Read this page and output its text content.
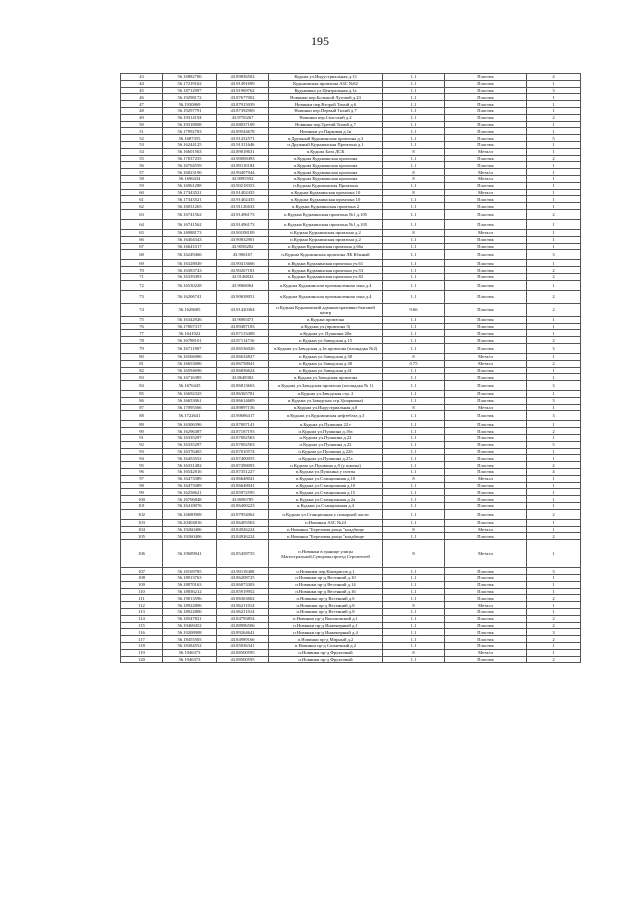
195
43	56.16882706	43.89836502	Кудьма ул.Индустриальная д.13	1.1	Пластик	4
44	56.17219162	43.91491699	Кудьминская промзона АЗС №82	1.1	Пластик	1
45	56.18712997	43.91969762	Кудьминка ул.Центральная д.1а	1.1	Пластик	3
46	56.19298172	43.87677002	Новинки пер.Большой Луговой д.23	1.1	Пластик	1
47	56.1930869	43.87915039	Новинки пер.Второй Тихий д.6	1.1	Пластик	1
48	56.19297791	43.87392969	Новинки пер.Первый Тихий д.7	1.1	Пластик	1
49	56.19314194	43.8750267	Новинки пер.Спасский д.2	1.1	Пластик	2
50	56.19318008	43.88037109	Новинки пер.Третий Тихий д.7	1.1	Пластик	1
51	56.17992783	43.89544678	Новинки ул.Парковая д.1в	1.1	Пластик	1
52	56.1687355	43.91432571	п.Дружный Кудьминская промзона д.3	1.1	Пластик	5
53	56.16244125	43.91311646	п.Дружный Кудьминская Промзона д.1	1.1	Пластик	1
54	56.16601563	43.89018631	п.Кудьма База ДСК	8	Металл	1
55	56.17037255	43.90008493	п.Кудьма Кудьминская промзона	1.1	Пластик	2
56	56.16704559	43.89110184	п.Кудьма Кудьминская промзона	1.1	Пластик	1
57	56.16823196	43.90407944	п.Кудьма Кудьминская промзона	8	Металл	1
58	56.1696434	43.9095592	п.Кудьма Кудьминская промзона	8	Металл	1
59	56.16961288	43.90218353	п.Кудьма Кудьминская Промзона	1.1	Пластик	1
60	56.17343521	43.91402435	п.Кудьма Кудьминская промзона 10	8	Металл	1
61	56.17343521	43.91402435	п.Кудьма Кудьминская промзона 10	1.1	Пластик	1
62	56.16031265	43.91126633	п.Кудьма Кудьминская промзона 2	1.1	Пластик	1
63	56.16741562	43.91496173	п.Кудьма Кудьминская промзона №1 д.105	1.1	Пластик	2
64	56.16741562	43.91496173	п.Кудьма Кудьминская промзона №1 д.105	1.1	Пластик	1
65	56.16988173	43.90108109	п.Кудьма Кудьминская промзона д.2	8	Металл	1
66	56.16404343	43.90832901	п.Кудьма Кудьминская промзона д.2	1.1	Пластик	1
67	56.16641017	43.9056282	п.Кудьма Кудьминская промзона д.66а	1.1	Пластик	1
68	56.16249466	43.906167	п.Кудьма Кудьминская промзона ЛК Южный	1.1	Пластик	3
69	56.16328049	43.90413666	п.Кудьма Кудьминская промзона уч.61	1.1	Пластик	1
70	56.16383743	43.90267181	п.Кудьма Кудьминская промзона уч.53	1.1	Пластик	2
71	56.16339493	43.9146843	п.Кудьма Кудьминская промзона уч.82	1.1	Пластик	2
72	56.16530228	43.9066064	п.Кудьма Кудьминская промышленная зона д.4	1.1	Пластик	1
73	56.16206741	43.90638051	п.Кудьма Кудьминская промышленная зона д.4	1.1	Пластик	2
74	56.1628685	43.91420364	п.Кудьма Кудьминский административно-бытовой центр	9.66	Пластик	2
75	56.16342926	43.9000473	п.Кудьма промзона	1.1	Пластик	1
76	56.17067317	43.89487183	п.Кудьма ул.(промзона 3)	1.1	Пластик	1
77	56.1641922	43.87133408	п.Кудьма ул. Пушкина 20в	1.1	Пластик	1
78	56.16788101	43.87114716	п.Кудьма ул.Заводская д.15	1.1	Пластик	2
79	56.16711807	43.86536026	п.Кудьма ул.Заводская д.1в промзона (площадка №2)	1.1	Пластик	3
80	56.16566086	43.86634827	п.Кудьма ул.Заводская д.38	8	Металл	1
81	56.16653006	43.86758041	п.Кудьма ул.Заводская д.38	0.75	Металл	2
82	56.16594696	43.86836624	п.Кудьма ул.Заводская д.41	1.1	Пластик	1
83	56.16716385	43.8648382	п.Кудьма ул.Заводская промзона	1.1	Пластик	1
84	56.1676445	43.86813663	п.Кудьма ул.Заводская промзона (площадка № 1)	1.1	Пластик	3
85	56.16692325	43.86365781	п.Кудьма ул.Заводская стр. 2	1.1	Пластик	1
86	56.16653061	43.86614609	п.Кудьма ул.Заводская стр.3(парковка)	1.1	Пластик	3
87	56.17095566	43.89897156	п.Кудьма ул.Индустриальная д.8	8	Металл	1
88	56.1722641	43.90686417	п.Кудьма ул.Кудьминская нефтебаза д.3	1.1	Пластик	3
89	56.16306396	43.87007141	п.Кудьма ул.Пушкина 22 г	1.1	Пластик	1
90	56.16296387	43.87187193	п.Кудьма ул.Пушкина д.19а	1.1	Пластик	2
91	56.16335297	43.87002563	п.Кудьма ул.Пушкина д.22	1.1	Пластик	1
92	56.16335297	43.87002563	п.Кудьма ул.Пушкина д.22	1.1	Пластик	5
93	56.16376465	43.87010574	п.Кудьма ул.Пушкина д.22б	1.1	Пластик	1
94	56.16453552	43.87400055	п.Кудьма ул.Пушкина д.27а	1.1	Пластик	1
95	56.16331482	43.87498093	п.Кудьма ул.Пушкина д.9 (у школы)	1.1	Пластик	2
96	56.16542816	43.87351227	п.Кудьма ул.Пушкина у почты	1.1	Пластик	4
97	56.16473389	43.86648041	п.Кудьма ул.Станционная д.10	8	Металл	1
98	56.16473389	43.86648041	п.Кудьма ул.Станционная д.10	1.1	Пластик	1
99	56.16258621	43.85972595	п.Кудьма ул.Станционная д.15	1.1	Пластик	1
100	56.16706848	43.8696785	п.Кудьма ул.Станционная д.2а	1.1	Пластик	1
101	56.16418076	43.86400223	п.Кудьма ул.Станционная д.4	1.1	Пластик	1
102	56.16680908	43.87954062	п.Кудьма ул.Станционная у пожарной части	1.1	Пластик	2
103	56.20404816	43.86405563	п.Новинки АЗС №24	1.1	Пластик	1
104	56.19260406	43.84926224	п.Новинки "Березовая роща "кладбище	8	Металл	1
105	56.19260406	43.84926224	п.Новинки "Березовая роща "кладбище	1.1	Пластик	2
106	56.19689941	43.85458755	п.Новинки в границе улицы Магистральной,Суворова,проезд Строителей	8	Металл	1
107	56.18169785	43.90118408	п.Новинки пер.Кипарисов д.1	1.1	Пластик	3
108	56.18913763	43.86208725	п.Новинки пр-д Весенний д.10	1.1	Пластик	1
109	56.18870163	43.86073303	п.Новинки пр-д Весенний д.14	1.1	Пластик	1
110	56.18836212	43.85919952	п.Новинки пр-д Весенний д.16	1.1	Пластик	1
111	56.19013596	43.86363602	п.Новинки пр-д Весенний д.6	1.1	Пластик	2
112	56.18922806	43.86211014	п.Новинки пр-д Весенний д.8	8	Металл	1
113	56.18922806	43.86211014	п.Новинки пр-д Весенний д.8	1.1	Пластик	1
114	56.18547821	43.84793854	п.Новинки пр-д Высоковский д.1	1.1	Пластик	2
115	56.19469452	43.88996506	п.Новинки пр-д Инженерный д.1	1.1	Пластик	2
116	56.19208908	43.89264641	п.Новинки пр-д Инженерный д.4	1.1	Пластик	3
117	56.18455505	43.84989166	п.Новинки пр-д Мирный д.2	1.1	Пластик	2
118	56.18384552	43.85036341	п.Новинки пр-д Солнечный д.2	1.1	Пластик	1
119	56.1946373	43.88500595	п.Новинки пр-д Фруктовый	8	Металл	1
120	56.1946373	43.88500595	п.Новинки пр-д Фруктовый	1.1	Пластик	2
